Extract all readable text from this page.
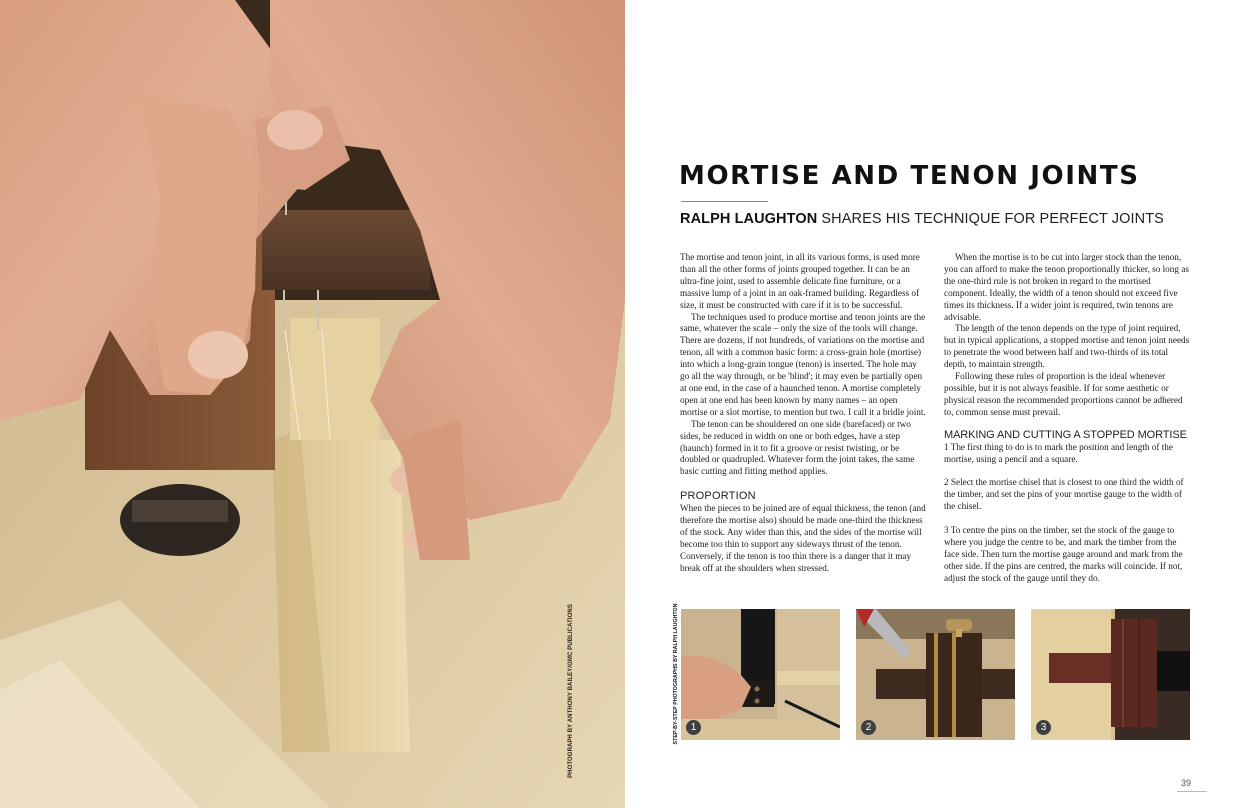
PHOTOGRAPH BY ANTHONY BAILEY/GMC PUBLICATIONS
MORTISE AND TENON JOINTS
RALPH LAUGHTON SHARES HIS TECHNIQUE FOR PERFECT JOINTS

The mortise and tenon joint, in all its various forms, is used more than all the other forms of joints grouped together. It can be an ultra-fine joint, used to assemble delicate fine furniture, or a massive lump of a joint in an oak-framed building. Regardless of size, it must be constructed with care if it is to be successful.

The techniques used to produce mortise and tenon joints are the same, whatever the scale – only the size of the tools will change. There are dozens, if not hundreds, of variations on the mortise and tenon, all with a common basic form: a cross-grain hole (mortise) into which a long-grain tongue (tenon) is inserted. The hole may go all the way through, or be 'blind'; it may even be partially open at one end, in the case of a haunched tenon. A mortise completely open at one end has been known by many names – an open mortise or a slot mortise, to mention but two. I call it a bridle joint.

The tenon can be shouldered on one side (barefaced) or two sides, be reduced in width on one or both edges, have a step (haunch) formed in it to fit a groove or resist twisting, or be doubled or quadrupled. Whatever form the joint takes, the same basic cutting and fitting method applies.

PROPORTION

When the pieces to be joined are of equal thickness, the tenon (and therefore the mortise also) should be made one-third the thickness of the stock. Any wider than this, and the sides of the mortise will become too thin to support any sideways thrust of the tenon. Conversely, if the tenon is too thin there is a danger that it may break off at the shoulders when stressed.

When the mortise is to be cut into larger stock than the tenon, you can afford to make the tenon proportionally thicker, so long as the one-third rule is not broken in regard to the mortised component. Ideally, the width of a tenon should not exceed five times its thickness. If a wider joint is required, twin tenons are advisable.

The length of the tenon depends on the type of joint required, but in typical applications, a stopped mortise and tenon joint needs to penetrate the wood between half and two-thirds of its total depth, to maintain strength.

Following these rules of proportion is the ideal whenever possible, but it is not always feasible. If for some aesthetic or physical reason the recommended proportions cannot be adhered to, common sense must prevail.

MARKING AND CUTTING A STOPPED MORTISE

1 The first thing to do is to mark the position and length of the mortise, using a pencil and a square.

2 Select the mortise chisel that is closest to one third the width of the timber, and set the pins of your mortise gauge to the width of the chisel.

3 To centre the pins on the timber, set the stock of the gauge to where you judge the centre to be, and mark the timber from the face side. Then turn the mortise gauge around and mark from the other side. If the pins are centred, the marks will coincide. If not, adjust the stock of the gauge until they do.

STEP-BY-STEP PHOTOGRAPHS BY RALPH LAUGHTON	1	2	3
39
